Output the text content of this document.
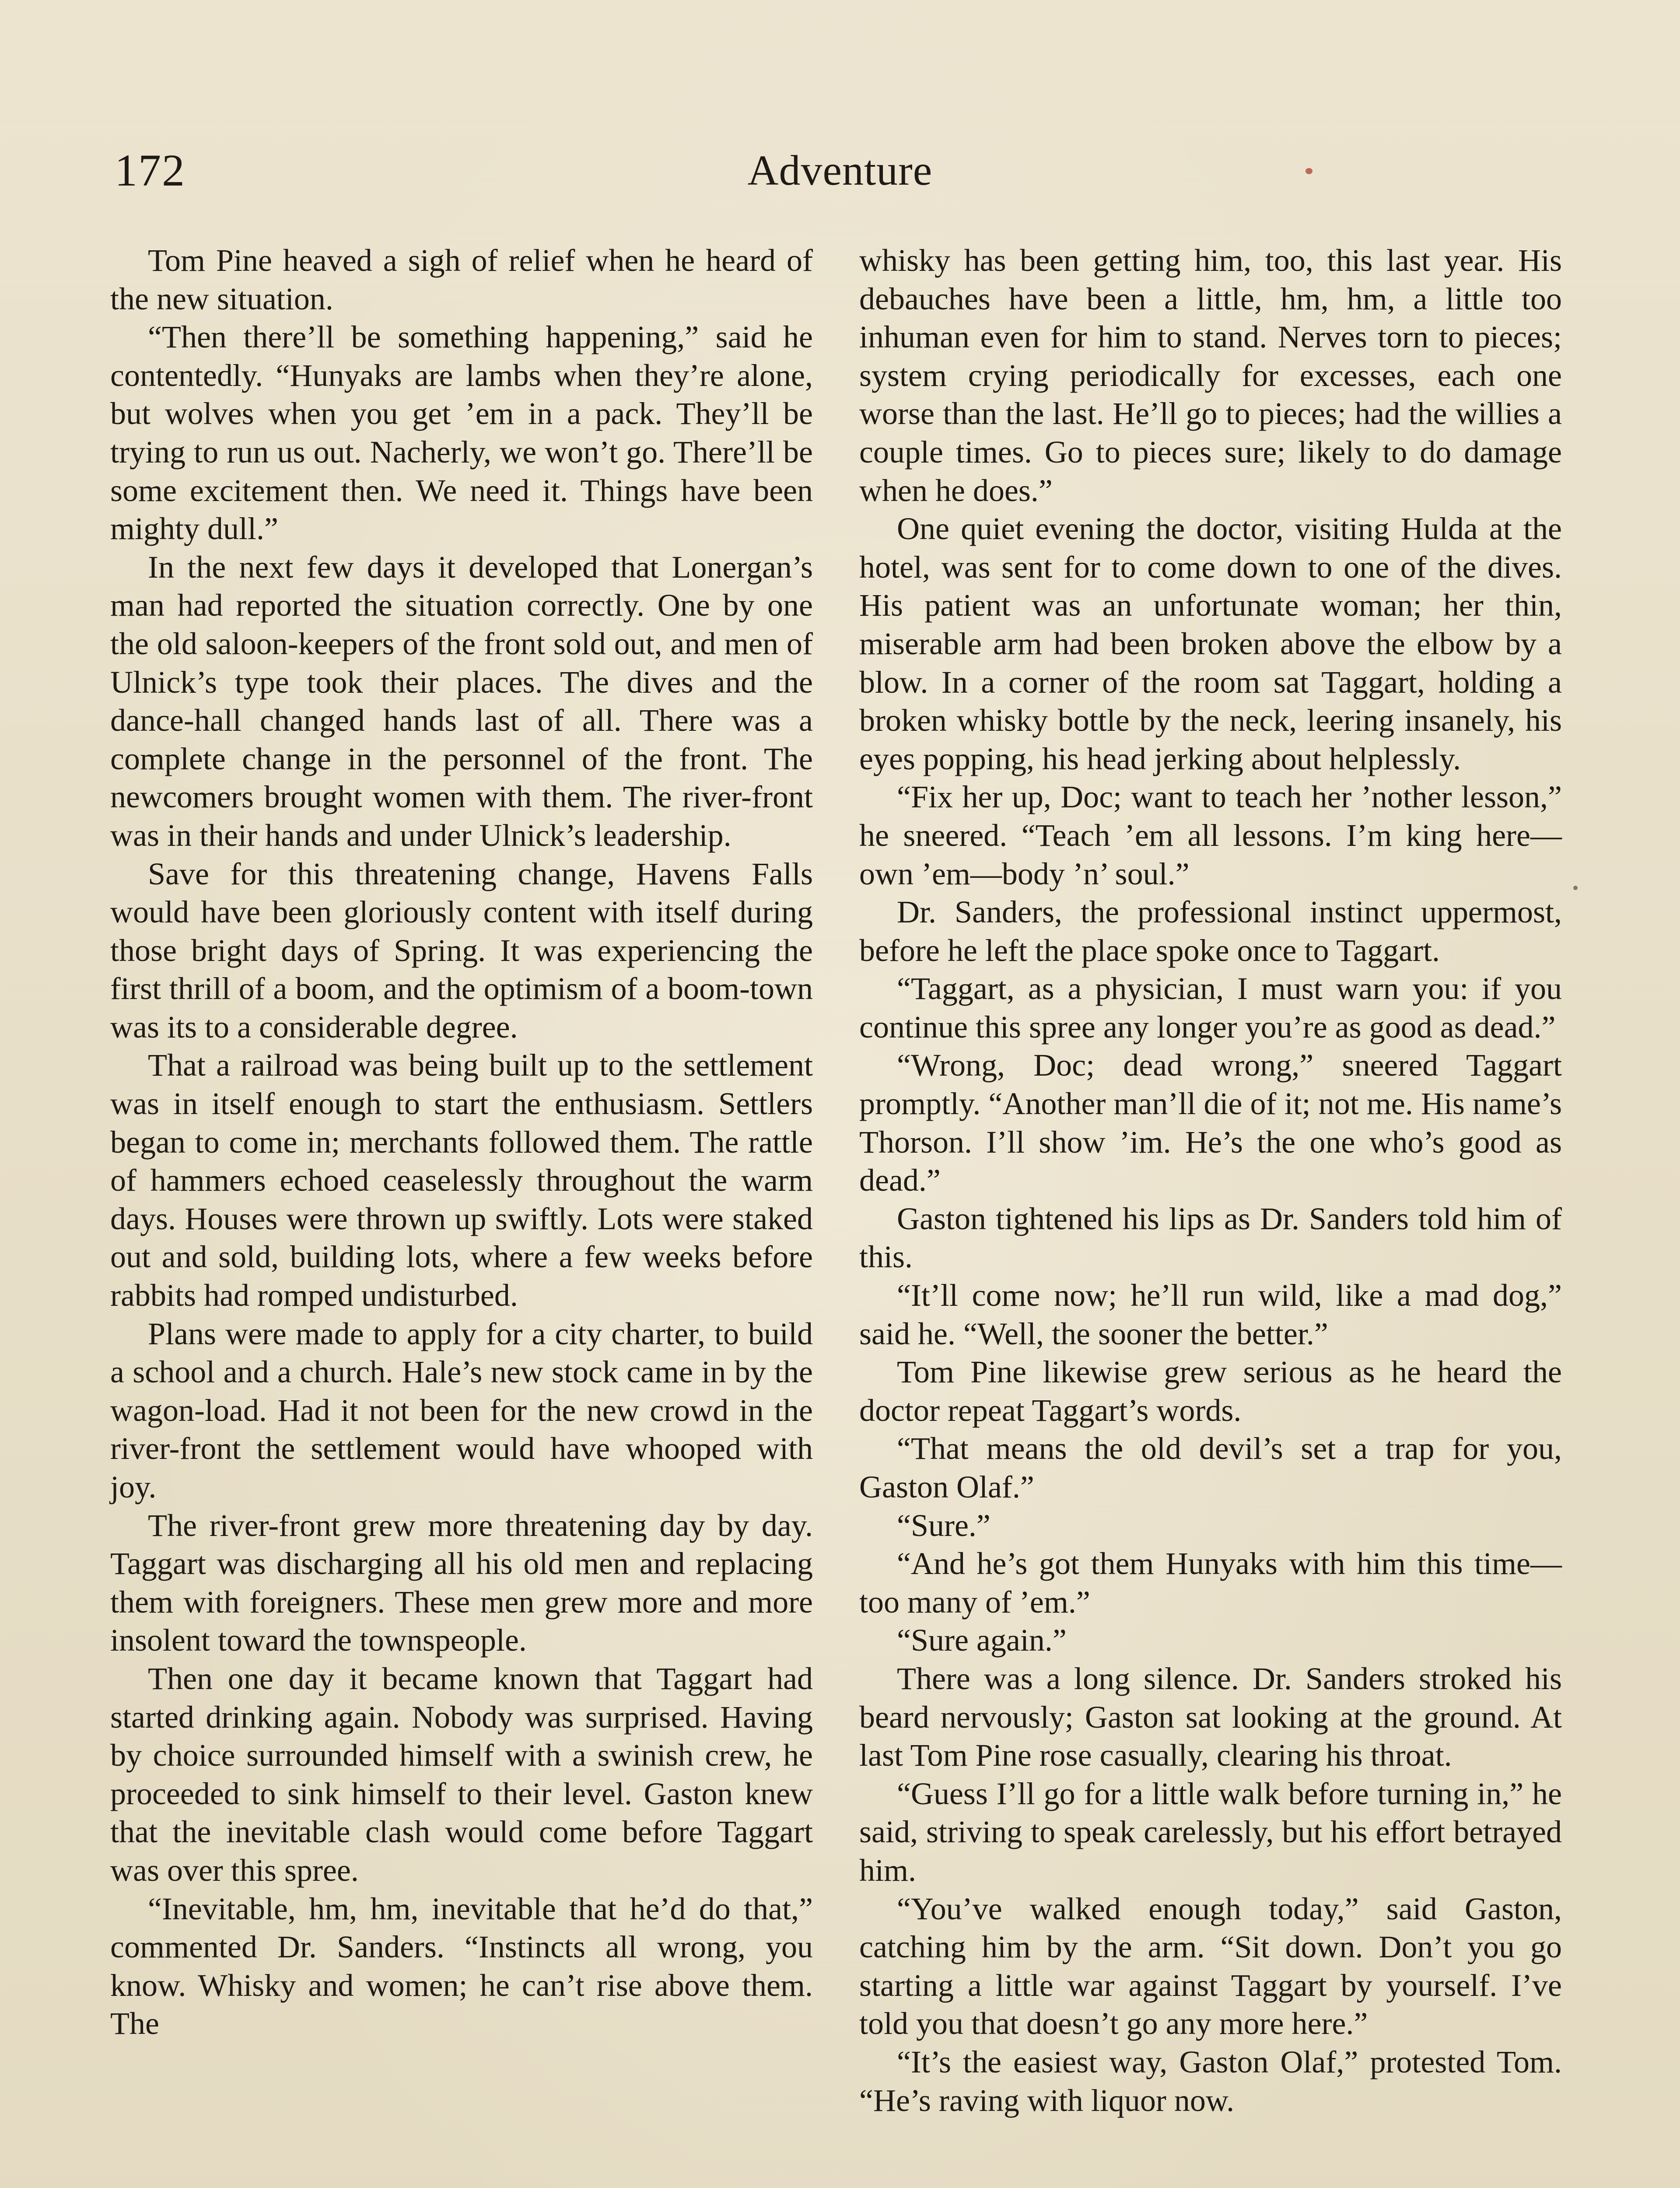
172	Adventure

Tom Pine heaved a sigh of relief when he heard of the new situation.

“Then there’ll be something happening,” said he contentedly. “Hunyaks are lambs when they’re alone, but wolves when you get ’em in a pack. They’ll be trying to run us out. Nacherly, we won’t go. There’ll be some excitement then. We need it. Things have been mighty dull.”

In the next few days it developed that Lonergan’s man had reported the situation correctly. One by one the old saloon-keepers of the front sold out, and men of Ulnick’s type took their places. The dives and the dance-hall changed hands last of all. There was a complete change in the personnel of the front. The newcomers brought women with them. The river-front was in their hands and under Ulnick’s leadership.

Save for this threatening change, Havens Falls would have been gloriously content with itself during those bright days of Spring. It was experiencing the first thrill of a boom, and the optimism of a boom-town was its to a considerable degree.

That a railroad was being built up to the settlement was in itself enough to start the enthusiasm. Settlers began to come in; merchants followed them. The rattle of hammers echoed ceaselessly throughout the warm days. Houses were thrown up swiftly. Lots were staked out and sold, building lots, where a few weeks before rabbits had romped undisturbed.

Plans were made to apply for a city charter, to build a school and a church. Hale’s new stock came in by the wagon-load. Had it not been for the new crowd in the river-front the settlement would have whooped with joy.

The river-front grew more threatening day by day. Taggart was discharging all his old men and replacing them with foreigners. These men grew more and more insolent toward the townspeople.

Then one day it became known that Taggart had started drinking again. Nobody was surprised. Having by choice surrounded himself with a swinish crew, he proceeded to sink himself to their level. Gaston knew that the inevitable clash would come before Taggart was over this spree.

“Inevitable, hm, hm, inevitable that he’d do that,” commented Dr. Sanders. “Instincts all wrong, you know. Whisky and women; he can’t rise above them. The

whisky has been getting him, too, this last year. His debauches have been a little, hm, hm, a little too inhuman even for him to stand. Nerves torn to pieces; system crying periodically for excesses, each one worse than the last. He’ll go to pieces; had the willies a couple times. Go to pieces sure; likely to do damage when he does.”

One quiet evening the doctor, visiting Hulda at the hotel, was sent for to come down to one of the dives. His patient was an unfortunate woman; her thin, miserable arm had been broken above the elbow by a blow. In a corner of the room sat Taggart, holding a broken whisky bottle by the neck, leering insanely, his eyes popping, his head jerking about helplessly.

“Fix her up, Doc; want to teach her ’nother lesson,” he sneered. “Teach ’em all lessons. I’m king here—own ’em—body ’n’ soul.”

Dr. Sanders, the professional instinct uppermost, before he left the place spoke once to Taggart.

“Taggart, as a physician, I must warn you: if you continue this spree any longer you’re as good as dead.”

“Wrong, Doc; dead wrong,” sneered Taggart promptly. “Another man’ll die of it; not me. His name’s Thorson. I’ll show ’im. He’s the one who’s good as dead.”

Gaston tightened his lips as Dr. Sanders told him of this.

“It’ll come now; he’ll run wild, like a mad dog,” said he. “Well, the sooner the better.”

Tom Pine likewise grew serious as he heard the doctor repeat Taggart’s words.

“That means the old devil’s set a trap for you, Gaston Olaf.”

“Sure.”

“And he’s got them Hunyaks with him this time—too many of ’em.”

“Sure again.”

There was a long silence. Dr. Sanders stroked his beard nervously; Gaston sat looking at the ground. At last Tom Pine rose casually, clearing his throat.

“Guess I’ll go for a little walk before turning in,” he said, striving to speak carelessly, but his effort betrayed him.

“You’ve walked enough today,” said Gaston, catching him by the arm. “Sit down. Don’t you go starting a little war against Taggart by yourself. I’ve told you that doesn’t go any more here.”

“It’s the easiest way, Gaston Olaf,” protested Tom. “He’s raving with liquor now.
